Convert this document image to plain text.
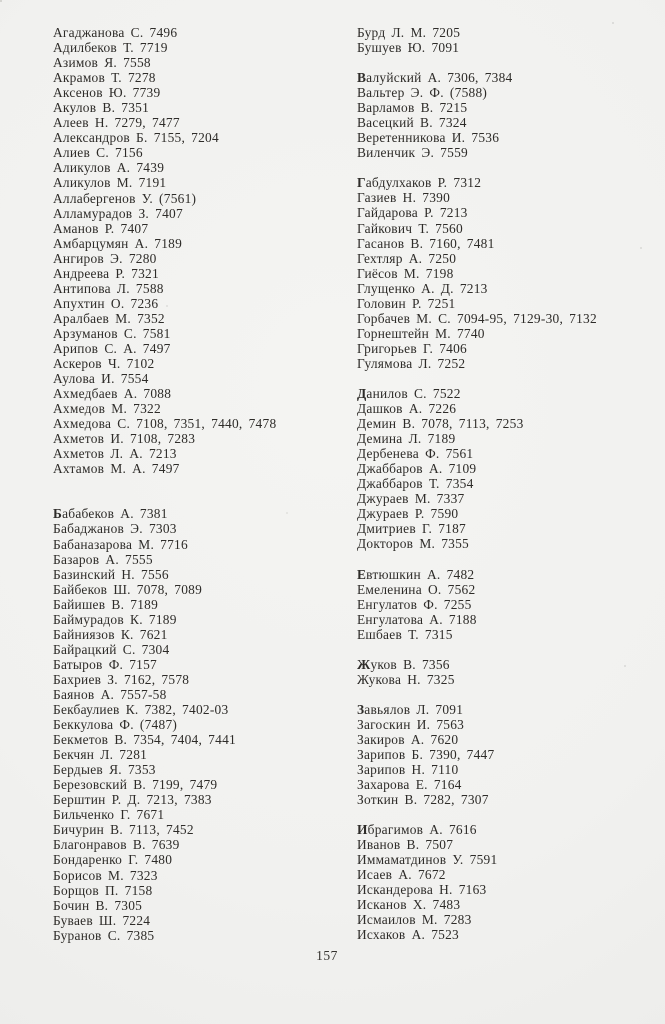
Агаджанова С. 7496
Адилбеков Т. 7719
Азимов Я. 7558
Акрамов Т. 7278
Аксенов Ю. 7739
Акулов В. 7351
Алеев Н. 7279, 7477
Александров Б. 7155, 7204
Алиев С. 7156
Аликулов А. 7439
Аликулов М. 7191
Аллабергенов У. (7561)
Алламурадов З. 7407
Аманов Р. 7407
Амбарцумян А. 7189
Ангиров Э. 7280
Андреева Р. 7321
Антипова Л. 7588
Апухтин О. 7236
Аралбаев М. 7352
Арзуманов С. 7581
Арипов С. А. 7497
Аскеров Ч. 7102
Аулова И. 7554
Ахмедбаев А. 7088
Ахмедов М. 7322
Ахмедова С. 7108, 7351, 7440, 7478
Ахметов И. 7108, 7283
Ахметов Л. А. 7213
Ахтамов М. А. 7497
Бабабеков А. 7381
Бабаджанов Э. 7303
Бабаназарова М. 7716
Базаров А. 7555
Базинский Н. 7556
Байбеков Ш. 7078, 7089
Байишев В. 7189
Баймурадов К. 7189
Байниязов К. 7621
Байрацкий С. 7304
Батыров Ф. 7157
Бахриев З. 7162, 7578
Баянов А. 7557-58
Бекбаулиев К. 7382, 7402-03
Беккулова Ф. (7487)
Бекметов В. 7354, 7404, 7441
Бекчян Л. 7281
Бердыев Я. 7353
Березовский В. 7199, 7479
Берштин Р. Д. 7213, 7383
Бильченко Г. 7671
Бичурин В. 7113, 7452
Благонравов В. 7639
Бондаренко Г. 7480
Борисов М. 7323
Борщов П. 7158
Бочин В. 7305
Буваев Ш. 7224
Буранов С. 7385
Бурд Л. М. 7205
Бушуев Ю. 7091
Валуйский А. 7306, 7384
Вальтер Э. Ф. (7588)
Варламов В. 7215
Васецкий В. 7324
Веретенникова И. 7536
Виленчик Э. 7559
Габдулхаков Р. 7312
Газиев Н. 7390
Гайдарова Р. 7213
Гайкович Т. 7560
Гасанов В. 7160, 7481
Гехтляр А. 7250
Гиёсов М. 7198
Глущенко А. Д. 7213
Головин Р. 7251
Горбачев М. С. 7094-95, 7129-30, 7132
Горнештейн М. 7740
Григорьев Г. 7406
Гулямова Л. 7252
Данилов С. 7522
Дашков А. 7226
Демин В. 7078, 7113, 7253
Демина Л. 7189
Дербенева Ф. 7561
Джаббаров А. 7109
Джаббаров Т. 7354
Джураев М. 7337
Джураев Р. 7590
Дмитриев Г. 7187
Докторов М. 7355
Евтюшкин А. 7482
Емеленина О. 7562
Енгулатов Ф. 7255
Енгулатова А. 7188
Ешбаев Т. 7315
Жуков В. 7356
Жукова Н. 7325
Завьялов Л. 7091
Загоскин И. 7563
Закиров А. 7620
Зарипов Б. 7390, 7447
Зарипов Н. 7110
Захарова Е. 7164
Зоткин В. 7282, 7307
Ибрагимов А. 7616
Иванов В. 7507
Иммаматдинов У. 7591
Исаев А. 7672
Искандерова Н. 7163
Исканов Х. 7483
Исмаилов М. 7283
Исхаков А. 7523
157
